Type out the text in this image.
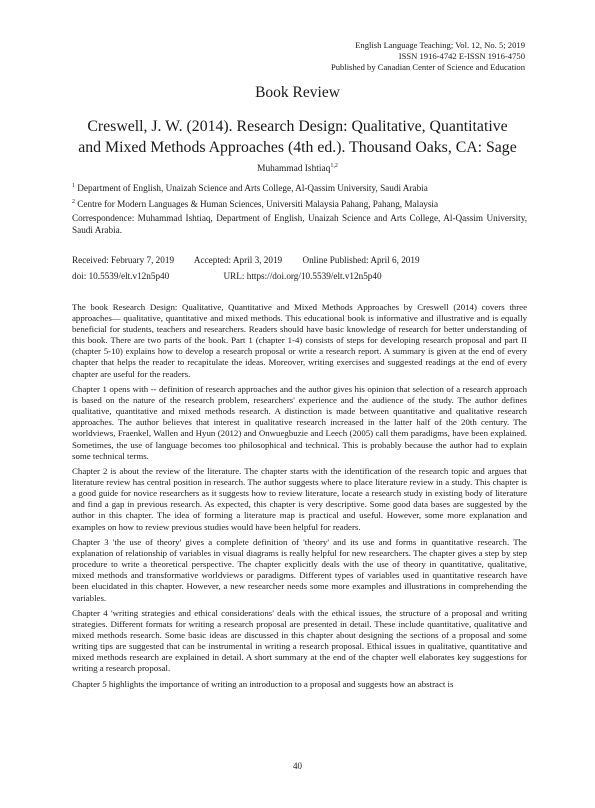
English Language Teaching; Vol. 12, No. 5; 2019
ISSN 1916-4742 E-ISSN 1916-4750
Published by Canadian Center of Science and Education
Book Review
Creswell, J. W. (2014). Research Design: Qualitative, Quantitative
and Mixed Methods Approaches (4th ed.). Thousand Oaks, CA: Sage
Muhammad Ishtiaq$^{1,2}$
$^1$ Department of English, Unaizah Science and Arts College, Al-Qassim University, Saudi Arabia
$^2$ Centre for Modern Languages & Human Sciences, Universiti Malaysia Pahang, Pahang, Malaysia
Correspondence: Muhammad Ishtiaq, Department of English, Unaizah Science and Arts College, Al-Qassim University, Saudi Arabia.
Received: February 7, 2019 Accepted: April 3, 2019 Online Published: April 6, 2019
doi: 10.5539/elt.v12n5p40	URL: https://doi.org/10.5539/elt.v12n5p40

The book Research Design: Qualitative, Quantitative and Mixed Methods Approaches by Creswell (2014) covers three approaches— qualitative, quantitative and mixed methods. This educational book is informative and illustrative and is equally beneficial for students, teachers and researchers. Readers should have basic knowledge of research for better understanding of this book. There are two parts of the book. Part 1 (chapter 1-4) consists of steps for developing research proposal and part II (chapter 5-10) explains how to develop a research proposal or write a research report. A summary is given at the end of every chapter that helps the reader to recapitulate the ideas. Moreover, writing exercises and suggested readings at the end of every chapter are useful for the readers.

Chapter 1 opens with -- definition of research approaches and the author gives his opinion that selection of a research approach is based on the nature of the research problem, researchers' experience and the audience of the study. The author defines qualitative, quantitative and mixed methods research. A distinction is made between quantitative and qualitative research approaches. The author believes that interest in qualitative research increased in the latter half of the 20th century. The worldviews, Fraenkel, Wallen and Hyun (2012) and Onwuegbuzie and Leech (2005) call them paradigms, have been explained. Sometimes, the use of language becomes too philosophical and technical. This is probably because the author had to explain some technical terms.

Chapter 2 is about the review of the literature. The chapter starts with the identification of the research topic and argues that literature review has central position in research. The author suggests where to place literature review in a study. This chapter is a good guide for novice researchers as it suggests how to review literature, locate a research study in existing body of literature and find a gap in previous research. As expected, this chapter is very descriptive. Some good data bases are suggested by the author in this chapter. The idea of forming a literature map is practical and useful. However, some more explanation and examples on how to review previous studies would have been helpful for readers.

Chapter 3 'the use of theory' gives a complete definition of 'theory' and its use and forms in quantitative research. The explanation of relationship of variables in visual diagrams is really helpful for new researchers. The chapter gives a step by step procedure to write a theoretical perspective. The chapter explicitly deals with the use of theory in quantitative, qualitative, mixed methods and transformative worldviews or paradigms. Different types of variables used in quantitative research have been elucidated in this chapter. However, a new researcher needs some more examples and illustrations in comprehending the variables.

Chapter 4 'writing strategies and ethical considerations' deals with the ethical issues, the structure of a proposal and writing strategies. Different formats for writing a research proposal are presented in detail. These include quantitative, qualitative and mixed methods research. Some basic ideas are discussed in this chapter about designing the sections of a proposal and some writing tips are suggested that can be instrumental in writing a research proposal. Ethical issues in qualitative, quantitative and mixed methods research are explained in detail. A short summary at the end of the chapter well elaborates key suggestions for writing a research proposal.

Chapter 5 highlights the importance of writing an introduction to a proposal and suggests how an abstract is

40
